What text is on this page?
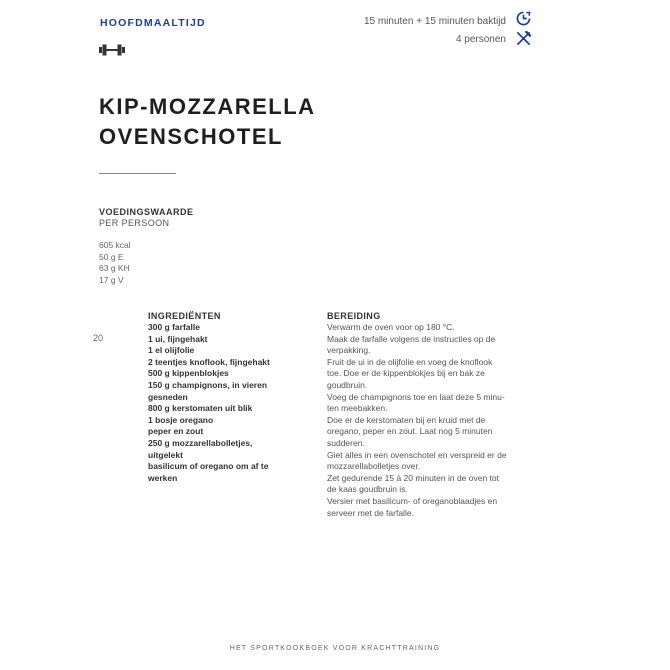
HOOFDMAALTIJD	15 minuten + 15 minuten baktijd
4 personen
KIP-MOZZARELLA
OVENSCHOTEL
VOEDINGSWAARDE
PER PERSOON
605 kcal
50 g E
63 g KH
17 g V
20
INGREDIËNTEN
300 g farfalle
1 ui, fijngehakt
1 el olijfolie
2 teentjes knoflook, fijngehakt
500 g kippenblokjes
150 g champignons, in vieren
gesneden
800 g kerstomaten uit blik
1 bosje oregano
peper en zout
250 g mozzarellabolletjes,
uitgelekt
basilicum of oregano om af te
werken
BEREIDING
Verwarm de oven voor op 180 °C.
Maak de farfalle volgens de instructies op de
verpakking.
Fruit de ui in de olijfolie en voeg de knoflook
toe. Doe er de kippenblokjes bij en bak ze
goudbruin.
Voeg de champignons toe en laat deze 5 minu-
ten meebakken.
Doe er de kerstomaten bij en kruid met de
oregano, peper en zout. Laat nog 5 minuten
sudderen.
Giet alles in een ovenschotel en verspreid er de
mozzarellabolletjes over.
Zet gedurende 15 à 20 minuten in de oven tot
de kaas goudbruin is.
Versier met basilicum- of oreganoblaadjes en
serveer met de farfalle.
HET SPORTKOOKBOEK VOOR KRACHTTRAINING
